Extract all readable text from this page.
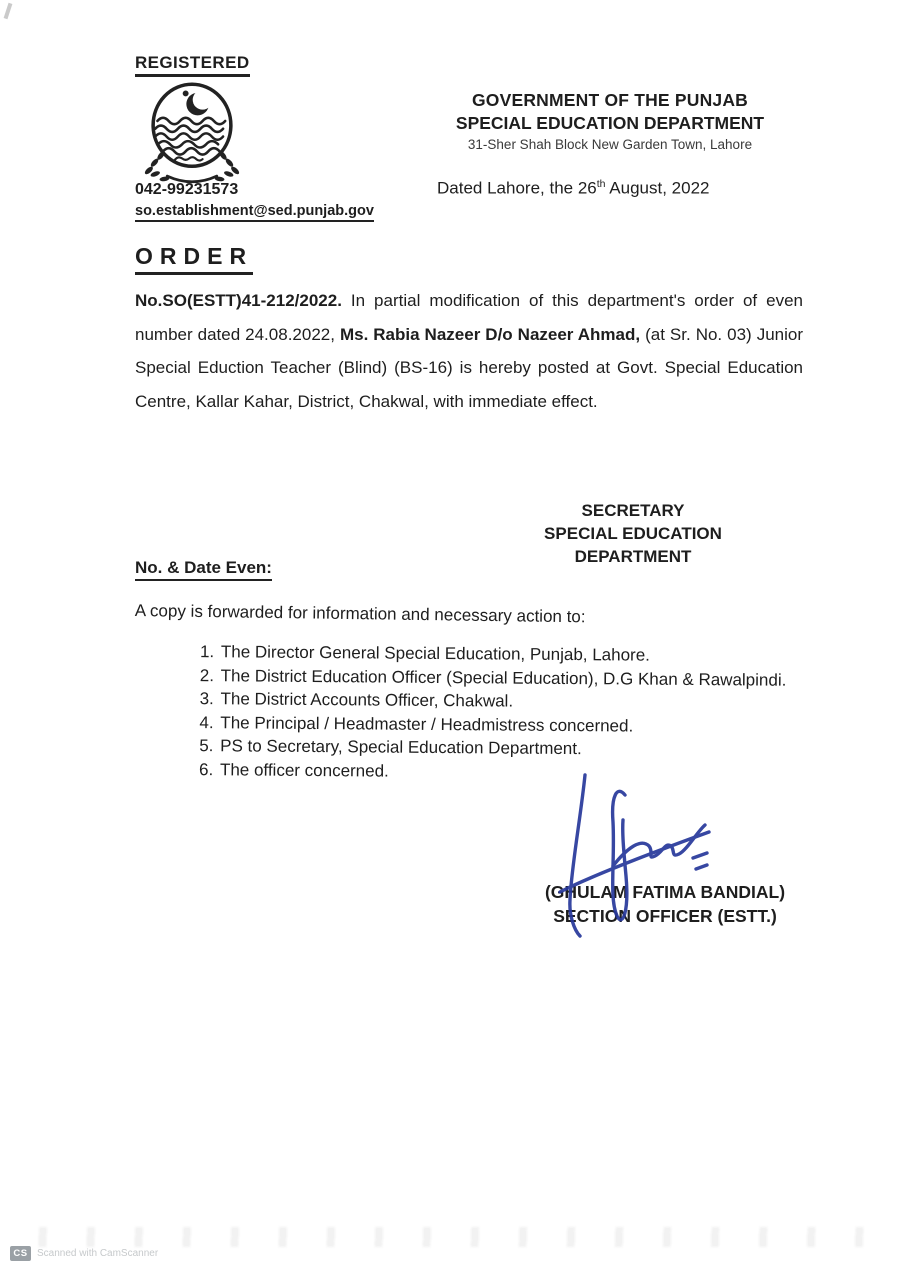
REGISTERED
GOVERNMENT OF THE PUNJAB
SPECIAL EDUCATION DEPARTMENT
31-Sher Shah Block New Garden Town, Lahore
042-99231573
so.establishment@sed.punjab.gov
Dated Lahore, the 26th August, 2022
ORDER
No.SO(ESTT)41-212/2022. In partial modification of this department's order of even number dated 24.08.2022, Ms. Rabia Nazeer D/o Nazeer Ahmad, (at Sr. No. 03) Junior Special Eduction Teacher (Blind) (BS-16) is hereby posted at Govt. Special Education Centre, Kallar Kahar, District, Chakwal, with immediate effect.
SECRETARY
SPECIAL EDUCATION
DEPARTMENT
No. & Date Even:
A copy is forwarded for information and necessary action to:
1. The Director General Special Education, Punjab, Lahore.
2. The District Education Officer (Special Education), D.G Khan & Rawalpindi.
3. The District Accounts Officer, Chakwal.
4. The Principal / Headmaster / Headmistress concerned.
5. PS to Secretary, Special Education Department.
6. The officer concerned.
(GHULAM FATIMA BANDIAL)
SECTION OFFICER (ESTT.)
CS Scanned with CamScanner
